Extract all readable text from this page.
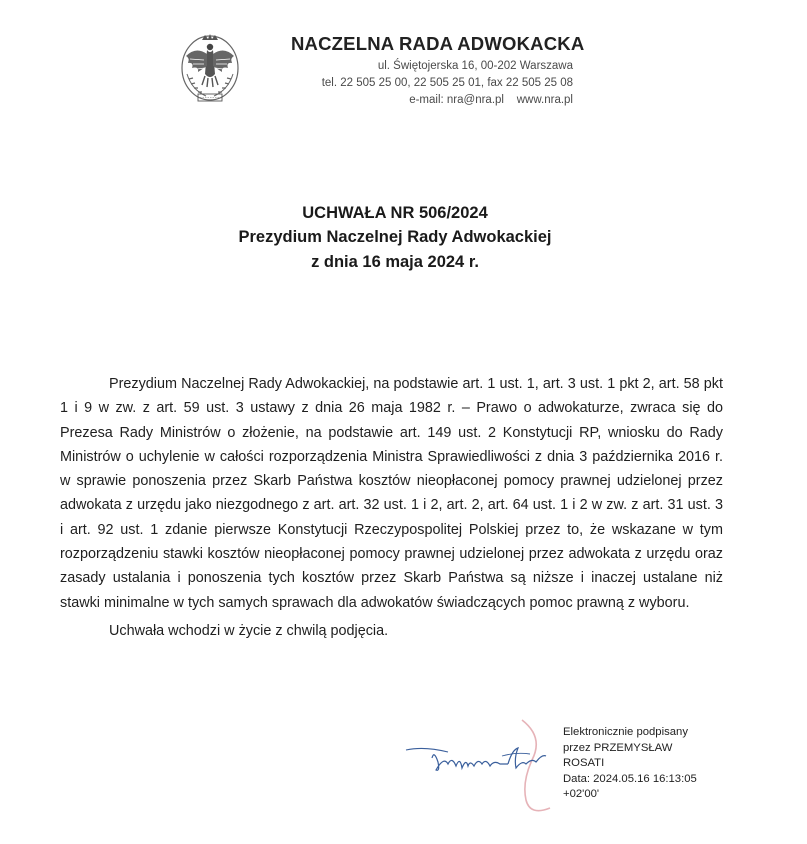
NACZELNA RADA ADWOKACKA
ul. Świętojerska 16, 00-202 Warszawa
tel. 22 505 25 00, 22 505 25 01, fax 22 505 25 08
e-mail: nra@nra.pl    www.nra.pl
UCHWAŁA NR 506/2024
Prezydium Naczelnej Rady Adwokackiej
z dnia 16 maja 2024 r.

Prezydium Naczelnej Rady Adwokackiej, na podstawie art. 1 ust. 1, art. 3 ust. 1 pkt 2, art. 58 pkt 1 i 9 w zw. z art. 59 ust. 3 ustawy z dnia 26 maja 1982 r. – Prawo o adwokaturze, zwraca się do Prezesa Rady Ministrów o złożenie, na podstawie art. 149 ust. 2 Konstytucji RP, wniosku do Rady Ministrów o uchylenie w całości rozporządzenia Ministra Sprawiedliwości z dnia 3 października 2016 r. w sprawie ponoszenia przez Skarb Państwa kosztów nieopłaconej pomocy prawnej udzielonej przez adwokata z urzędu jako niezgodnego z art. art. 32 ust. 1 i 2, art. 2, art. 64 ust. 1 i 2 w zw. z art. 31 ust. 3 i art. 92 ust. 1 zdanie pierwsze Konstytucji Rzeczypospolitej Polskiej przez to, że wskazane w tym rozporządzeniu stawki kosztów nieopłaconej pomocy prawnej udzielonej przez adwokata z urzędu oraz zasady ustalania i ponoszenia tych kosztów przez Skarb Państwa są niższe i inaczej ustalane niż stawki minimalne w tych samych sprawach dla adwokatów świadczących pomoc prawną z wyboru.

Uchwała wchodzi w życie z chwilą podjęcia.

Elektronicznie podpisany
przez PRZEMYSŁAW
ROSATI
Data: 2024.05.16 16:13:05
+02'00'
